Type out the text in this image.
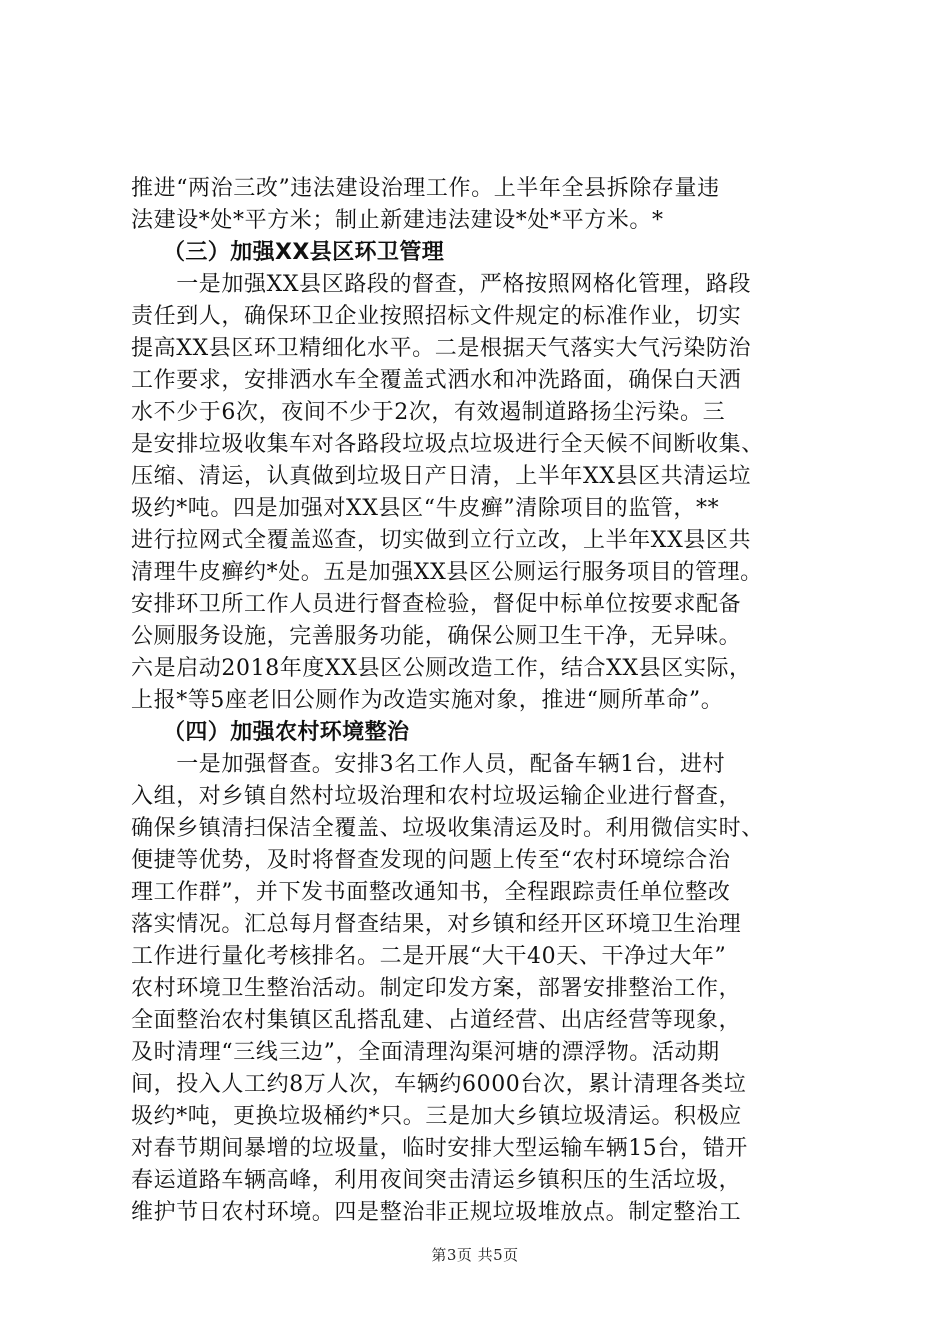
推进“两治三改”违法建设治理工作。上半年全县拆除存量违
法建设*处*平方米；制止新建违法建设*处*平方米。*
（三）加强XX县区环卫管理
　　一是加强XX县区路段的督查，严格按照网格化管理，路段
责任到人，确保环卫企业按照招标文件规定的标准作业，切实
提高XX县区环卫精细化水平。二是根据天气落实大气污染防治
工作要求，安排洒水车全覆盖式洒水和冲洗路面，确保白天洒
水不少于6次，夜间不少于2次，有效遏制道路扬尘污染。三
是安排垃圾收集车对各路段垃圾点垃圾进行全天候不间断收集、
压缩、清运，认真做到垃圾日产日清，上半年XX县区共清运垃
圾约*吨。四是加强对XX县区“牛皮癣”清除项目的监管，**
进行拉网式全覆盖巡查，切实做到立行立改，上半年XX县区共
清理牛皮癣约*处。五是加强XX县区公厕运行服务项目的管理。
安排环卫所工作人员进行督查检验，督促中标单位按要求配备
公厕服务设施，完善服务功能，确保公厕卫生干净，无异味。
六是启动2018年度XX县区公厕改造工作，结合XX县区实际，
上报*等5座老旧公厕作为改造实施对象，推进“厕所革命”。
（四）加强农村环境整治
　　一是加强督查。安排3名工作人员，配备车辆1台，进村
入组，对乡镇自然村垃圾治理和农村垃圾运输企业进行督查，
确保乡镇清扫保洁全覆盖、垃圾收集清运及时。利用微信实时、
便捷等优势，及时将督查发现的问题上传至“农村环境综合治
理工作群”，并下发书面整改通知书，全程跟踪责任单位整改
落实情况。汇总每月督查结果，对乡镇和经开区环境卫生治理
工作进行量化考核排名。二是开展“大干40天、干净过大年”
农村环境卫生整治活动。制定印发方案，部署安排整治工作，
全面整治农村集镇区乱搭乱建、占道经营、出店经营等现象，
及时清理“三线三边”，全面清理沟渠河塘的漂浮物。活动期
间，投入人工约8万人次，车辆约6000台次，累计清理各类垃
圾约*吨，更换垃圾桶约*只。三是加大乡镇垃圾清运。积极应
对春节期间暴增的垃圾量，临时安排大型运输车辆15台，错开
春运道路车辆高峰，利用夜间突击清运乡镇积压的生活垃圾，
维护节日农村环境。四是整治非正规垃圾堆放点。制定整治工
第3页 共5页
